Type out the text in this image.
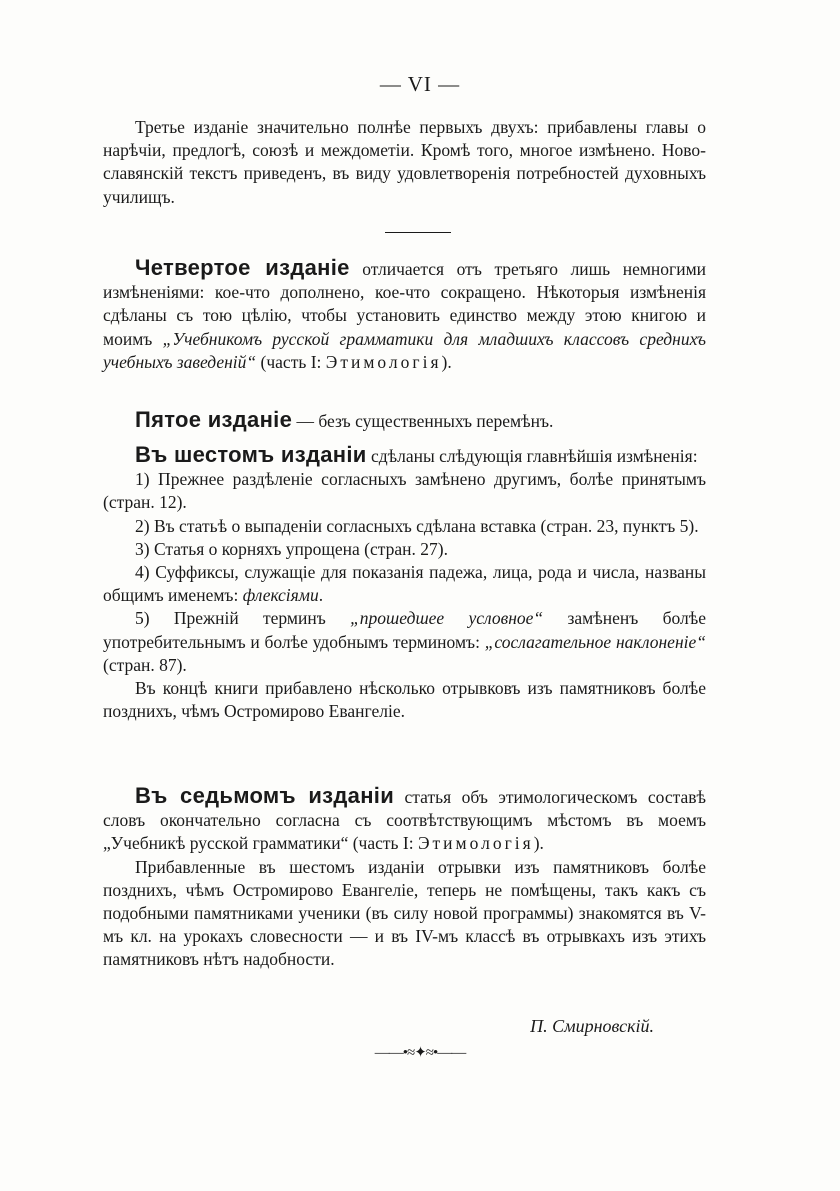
— VI —

Третье изданіе значительно полнѣе первыхъ двухъ: прибавлены главы о нарѣчіи, предлогѣ, союзѣ и междометіи. Кромѣ того, многое измѣнено. Ново-славянскій текстъ приведенъ, въ виду удовлетворенія потребностей духовныхъ училищъ.

Четвертое изданіе отличается отъ третьяго лишь немногими измѣненіями: кое-что дополнено, кое-что сокращено. Нѣкоторыя измѣненія сдѣланы съ тою цѣлію, чтобы установить единство между этою книгою и моимъ „Учебникомъ русской грамматики для младшихъ классовъ среднихъ учебныхъ заведеній“ (часть I: Этимологія).

Пятое изданіе — безъ существенныхъ перемѣнъ.

Въ шестомъ изданіи сдѣланы слѣдующія главнѣйшія измѣненія:

1) Прежнее раздѣленіе согласныхъ замѣнено другимъ, болѣе принятымъ (стран. 12).

2) Въ статьѣ о выпаденіи согласныхъ сдѣлана вставка (стран. 23, пунктъ 5).

3) Статья о корняхъ упрощена (стран. 27).

4) Суффиксы, служащіе для показанія падежа, лица, рода и числа, названы общимъ именемъ: флексіями.

5) Прежній терминъ „прошедшее условное“ замѣненъ болѣе употребительнымъ и болѣе удобнымъ терминомъ: „сослагательное наклоненіе“ (стран. 87).

Въ концѣ книги прибавлено нѣсколько отрывковъ изъ памятниковъ болѣе позднихъ, чѣмъ Остромирово Евангеліе.

Въ седьмомъ изданіи статья объ этимологическомъ составѣ словъ окончательно согласна съ соотвѣтствующимъ мѣстомъ въ моемъ „Учебникѣ русской грамматики“ (часть I: Этимологія).

Прибавленные въ шестомъ изданіи отрывки изъ памятниковъ болѣе позднихъ, чѣмъ Остромирово Евангеліе, теперь не помѣщены, такъ какъ съ подобными памятниками ученики (въ силу новой программы) знакомятся въ V-мъ кл. на урокахъ словесности — и въ IV-мъ классѣ въ отрывкахъ изъ этихъ памятниковъ нѣтъ надобности.

П. Смирновскій.
——•≈✦≈•——
